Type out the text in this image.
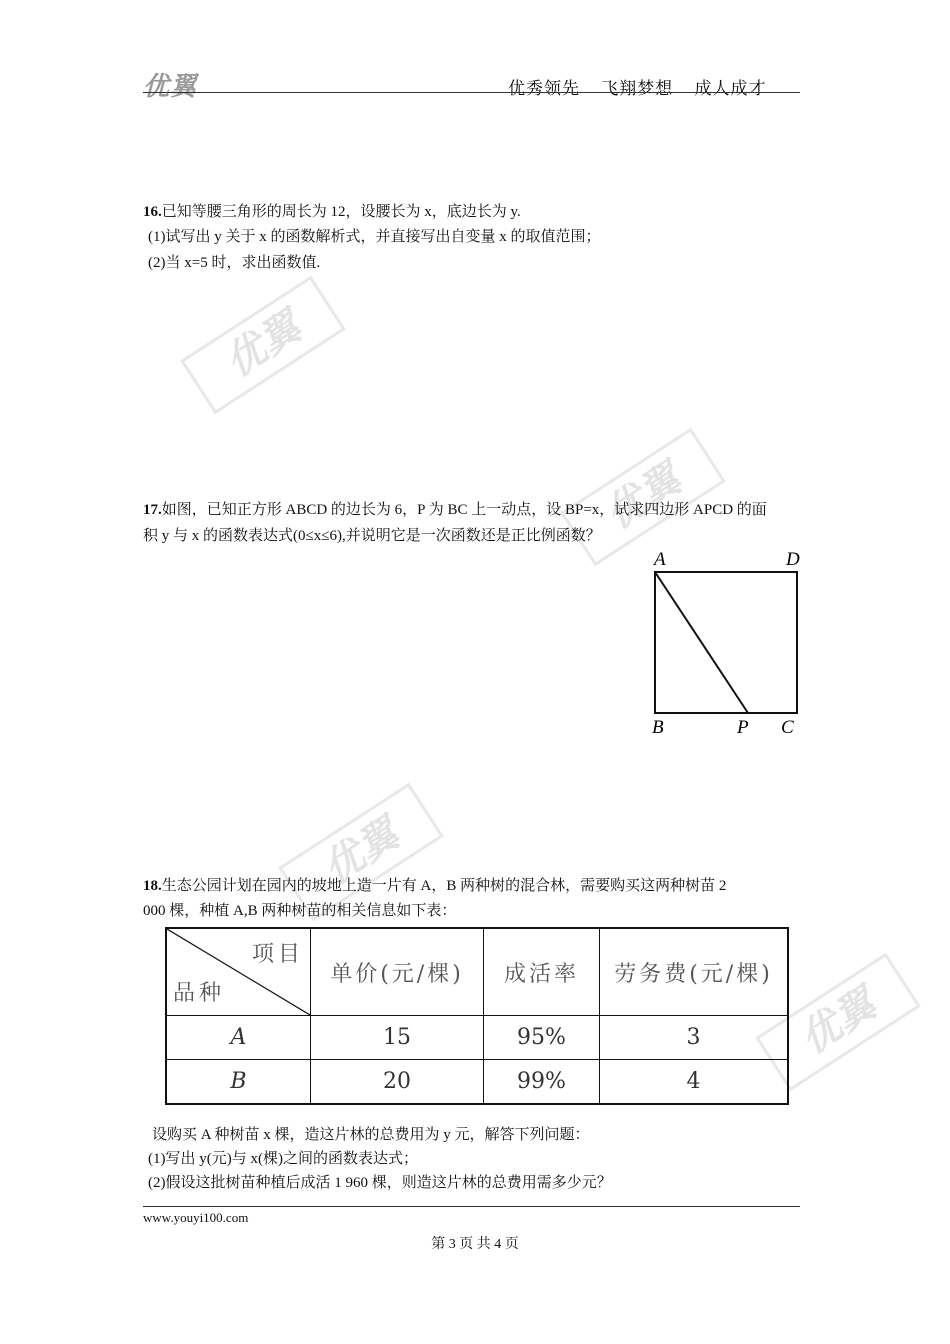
优翼
优翼
优翼
优翼
优翼	优秀领先 飞翔梦想 成人成才
16.已知等腰三角形的周长为 12，设腰长为 x，底边长为 y.
(1)试写出 y 关于 x 的函数解析式，并直接写出自变量 x 的取值范围；
(2)当 x=5 时，求出函数值.
17.如图，已知正方形 ABCD 的边长为 6，P 为 BC 上一动点，设 BP=x，试求四边形 APCD 的面
积 y 与 x 的函数表达式(0≤x≤6),并说明它是一次函数还是正比例函数？
A	D
B	P C
18.生态公园计划在园内的坡地上造一片有 A，B 两种树的混合林，需要购买这两种树苗 2
000 棵，种植 A,B 两种树苗的相关信息如下表：
项目
品种	单价(元/棵)	成活率	劳务费(元/棵)
A	15	95%	3
B	20	99%	4
设购买 A 种树苗 x 棵，造这片林的总费用为 y 元，解答下列问题：
(1)写出 y(元)与 x(棵)之间的函数表达式；
(2)假设这批树苗种植后成活 1 960 棵，则造这片林的总费用需多少元？
www.youyi100.com
第 3 页 共 4 页
